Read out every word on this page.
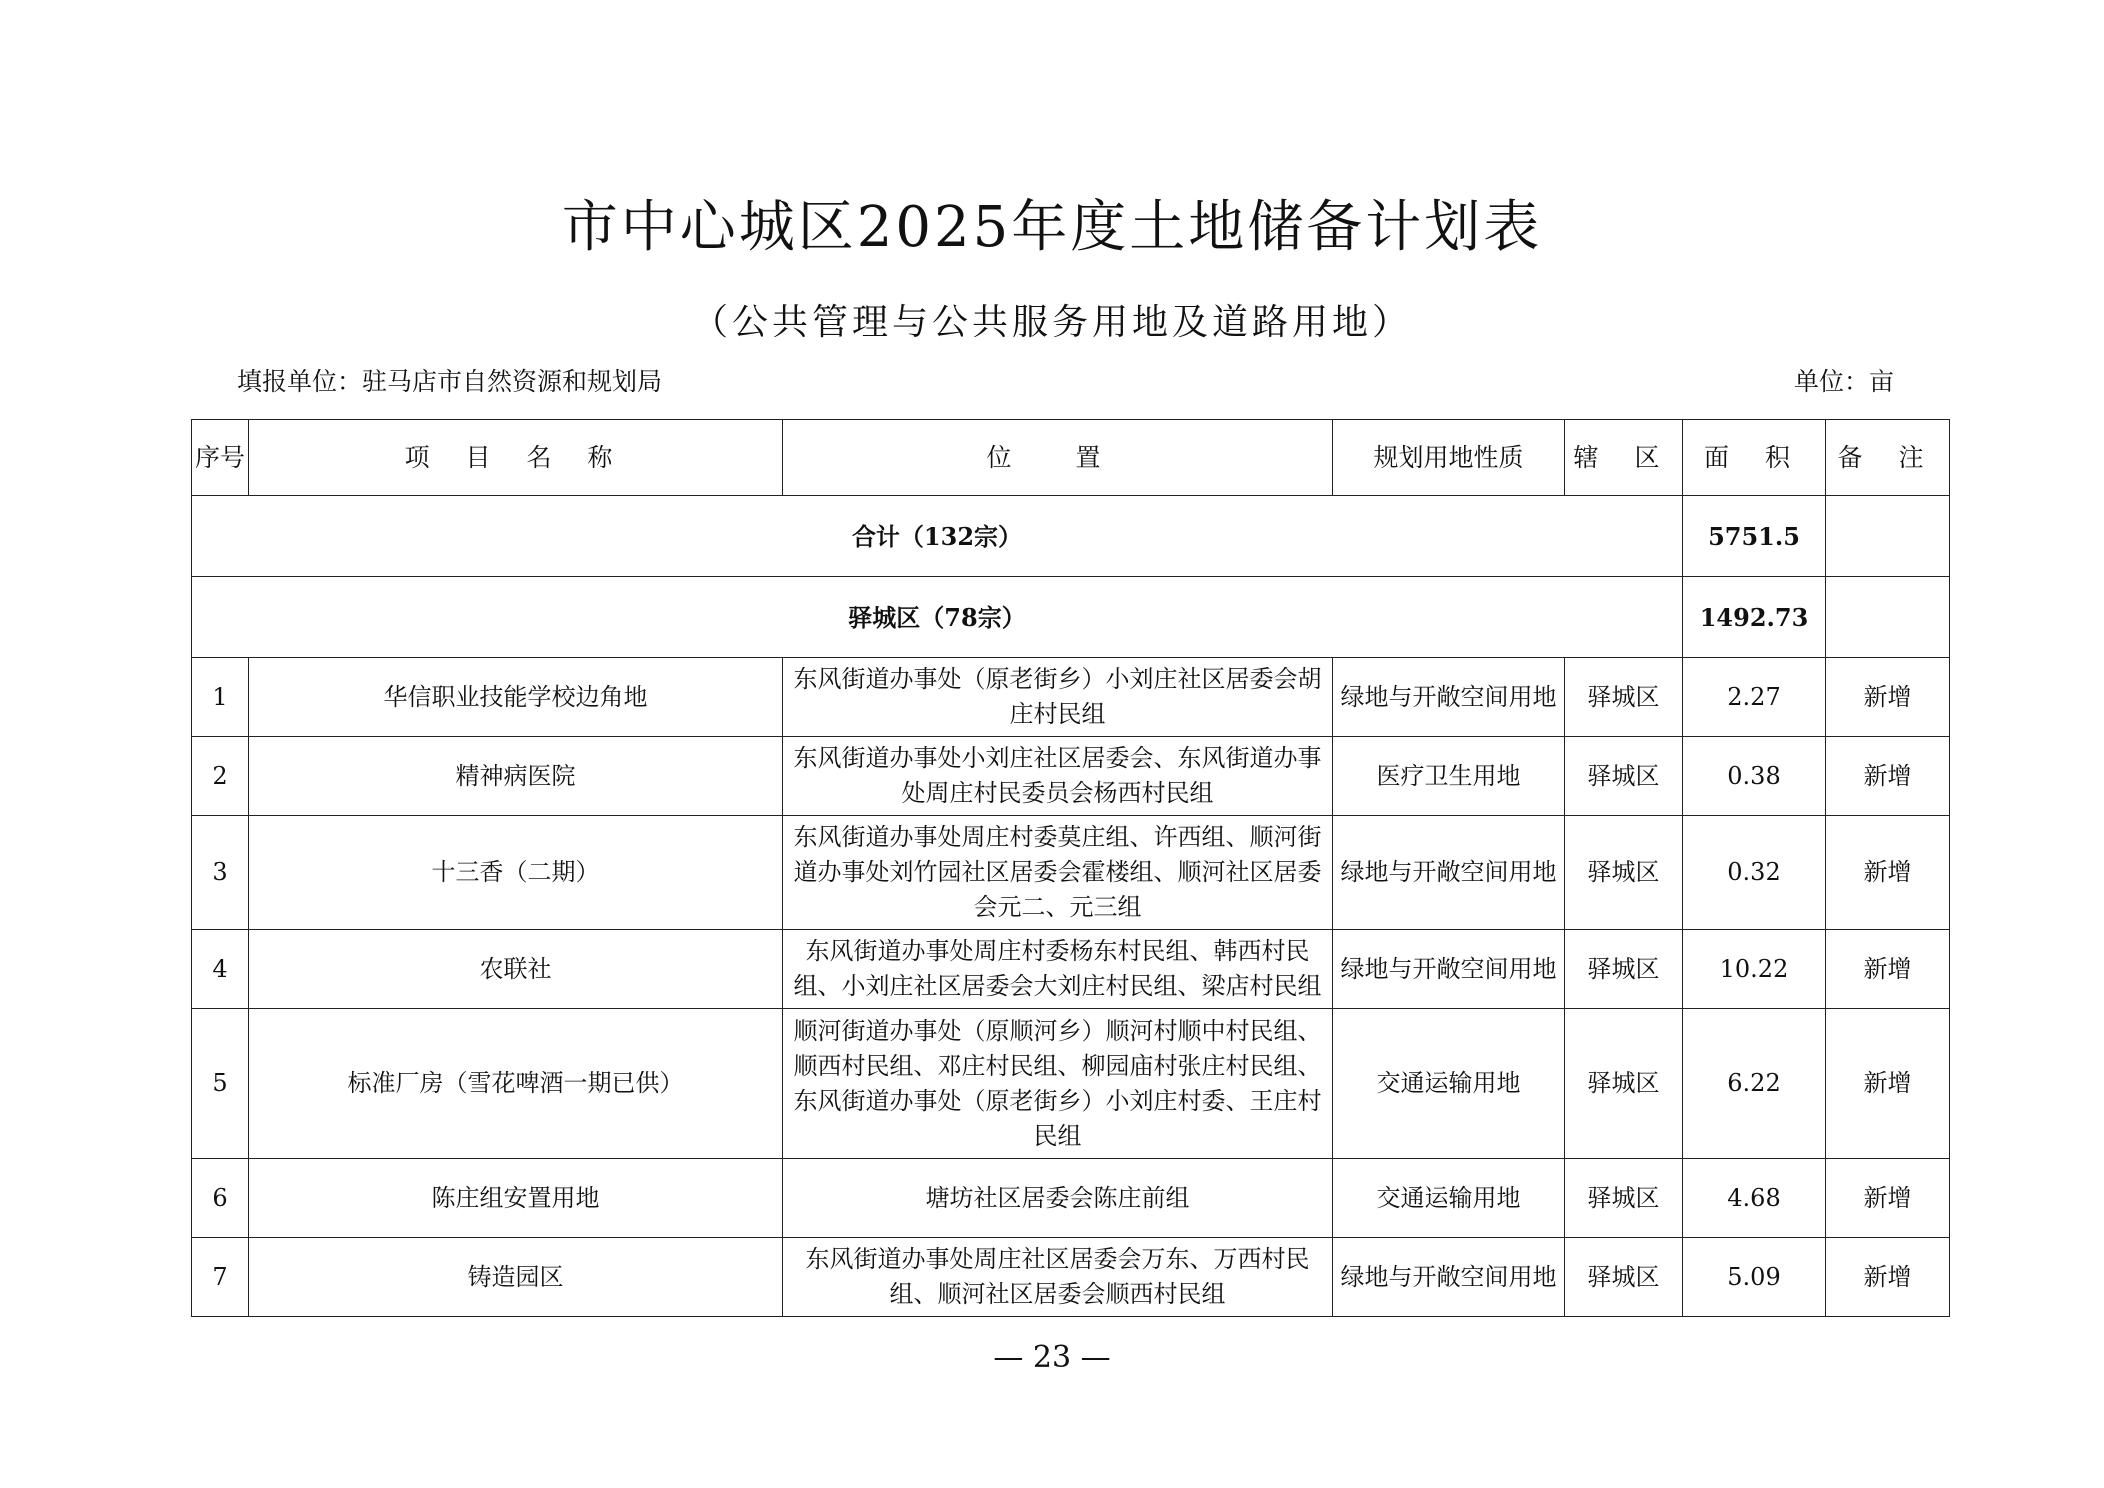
市中心城区2025年度土地储备计划表
（公共管理与公共服务用地及道路用地）
填报单位：驻马店市自然资源和规划局	单位：亩
序号	项 目 名 称	位 置	规划用地性质	辖 区	面 积	备 注
合计（132宗）					5751.5	
驿城区（78宗）					1492.73	
1	华信职业技能学校边角地	东风街道办事处（原老街乡）小刘庄社区居委会胡庄村民组	绿地与开敞空间用地	驿城区	2.27	新增
2	精神病医院	东风街道办事处小刘庄社区居委会、东风街道办事处周庄村民委员会杨西村民组	医疗卫生用地	驿城区	0.38	新增
3	十三香（二期）	东风街道办事处周庄村委莫庄组、许西组、顺河街道办事处刘竹园社区居委会霍楼组、顺河社区居委会元二、元三组	绿地与开敞空间用地	驿城区	0.32	新增
4	农联社	东风街道办事处周庄村委杨东村民组、韩西村民组、小刘庄社区居委会大刘庄村民组、梁店村民组	绿地与开敞空间用地	驿城区	10.22	新增
5	标准厂房（雪花啤酒一期已供）	顺河街道办事处（原顺河乡）顺河村顺中村民组、顺西村民组、邓庄村民组、柳园庙村张庄村民组、东风街道办事处（原老街乡）小刘庄村委、王庄村民组	交通运输用地	驿城区	6.22	新增
6	陈庄组安置用地	塘坊社区居委会陈庄前组	交通运输用地	驿城区	4.68	新增
7	铸造园区	东风街道办事处周庄社区居委会万东、万西村民组、顺河社区居委会顺西村民组	绿地与开敞空间用地	驿城区	5.09	新增
— 23 —
